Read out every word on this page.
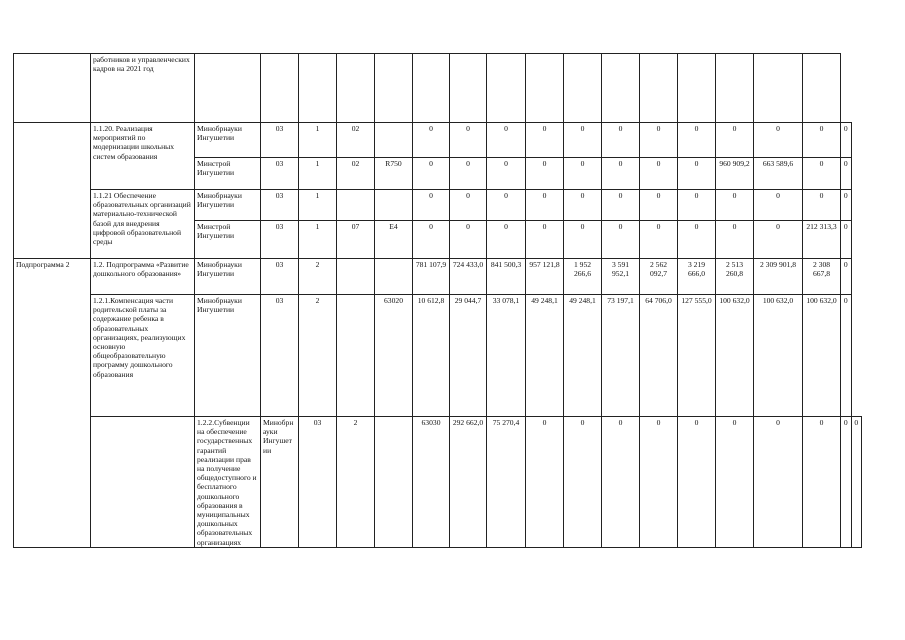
	работников и управленческих кадров на 2021 год																		
	1.1.20. Реализация мероприятий по модернизации школьных систем образования	Минобрнауки Ингушетии	03	1	02		0	0	0	0	0	0	0	0	0	0	0	0	
		Минстрой Ингушетии	03	1	02	R750	0	0	0	0	0	0	0	0	960 909,2	663 589,6	0	0	
	1.1.21 Обеспечение образовательных организаций материально-технической базой для внедрения цифровой образовательной среды	Минобрнауки Ингушетии	03	1			0	0	0	0	0	0	0	0	0	0	0	0	
		Минстрой Ингушетии	03	1	07	Е4	0	0	0	0	0	0	0	0	0	0	212 313,3	0	
Подпрограмма 2	1.2. Подпрограмма «Развитие дошкольного образования»	Минобрнауки Ингушетии	03	2			781 107,9	724 433,0	841 500,3	957 121,8	1 952 266,6	3 591 952,1	2 562 092,7	3 219 666,0	2 513 260,8	2 309 901,8	2 308 667,8	0	
	1.2.1.Компенсация части родительской платы за содержание ребенка в образовательных организациях, реализующих основную общеобразовательную программу дошкольного образования	Минобрнауки Ингушетии	03	2		63020	10 612,8	29 044,7	33 078,1	49 248,1	49 248,1	73 197,1	64 706,0	127 555,0	100 632,0	100 632,0	100 632,0	0	
		1.2.2.Субвенции на обеспечение государственных гарантий реализации прав на получение общедоступного и бесплатного дошкольного образования в муниципальных дошкольных образовательных организациях	Минобрнауки Ингушетии	03	2		63030	292 662,0	75 270,4	0	0	0	0	0	0	0	0	0	0
